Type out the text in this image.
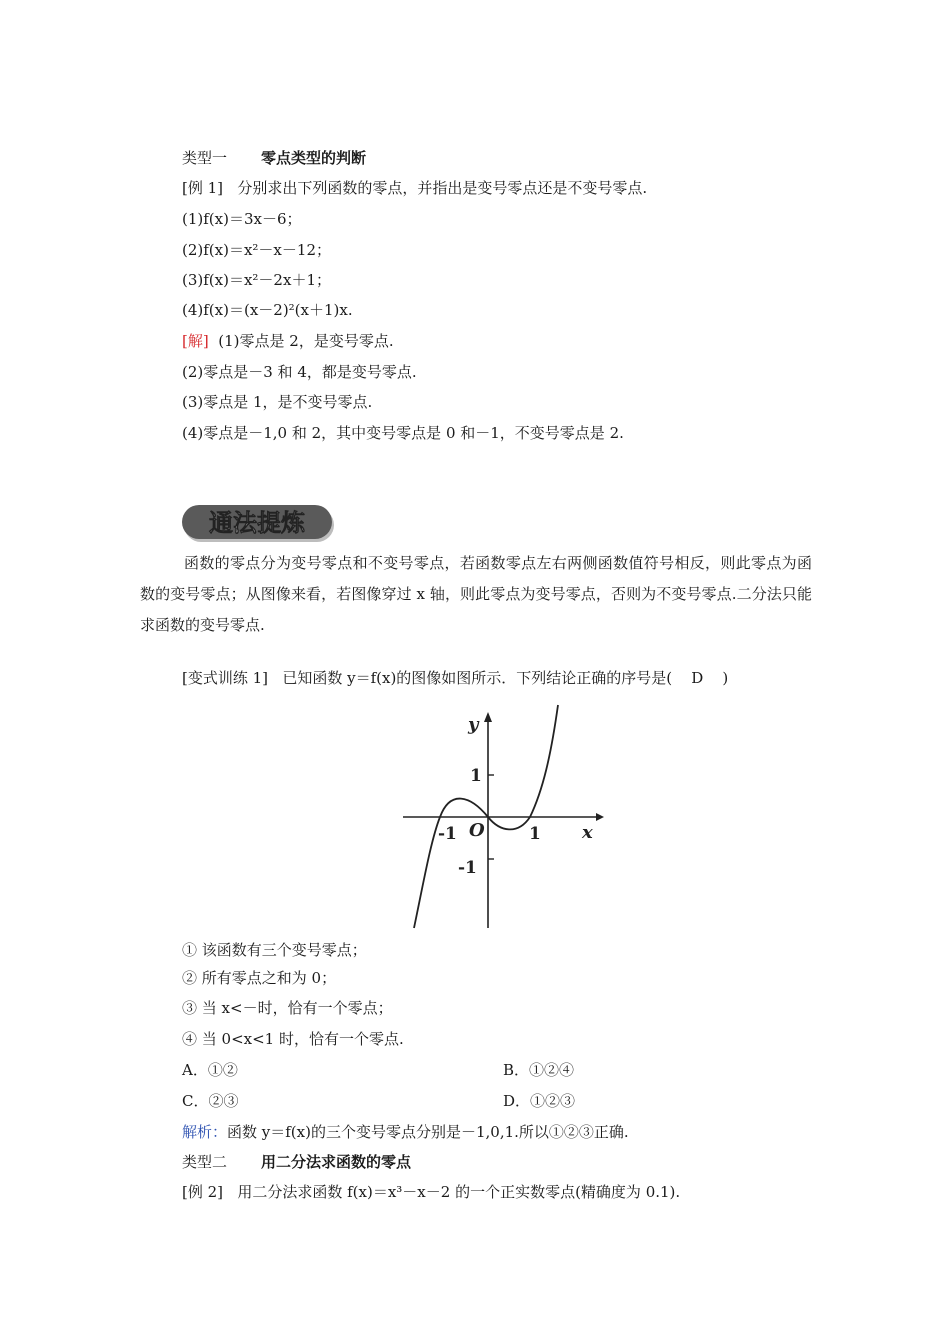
类型一 零点类型的判断
[例 1] 分别求出下列函数的零点，并指出是变号零点还是不变号零点.
(1)f(x)＝3x－6；
(2)f(x)＝x²－x－12；
(3)f(x)＝x²－2x＋1；
(4)f(x)＝(x－2)²(x＋1)x.
[解] (1)零点是 2，是变号零点.
(2)零点是－3 和 4，都是变号零点.
(3)零点是 1，是不变号零点.
(4)零点是－1,0 和 2，其中变号零点是 0 和－1，不变号零点是 2.
通法提炼
函数的零点分为变号零点和不变号零点，若函数零点左右两侧函数值符号相反，则此零点为函数的变号零点；从图像来看，若图像穿过 x 轴，则此零点为变号零点，否则为不变号零点.二分法只能求函数的变号零点.
[变式训练 1] 已知函数 y＝f(x)的图像如图所示．下列结论正确的序号是( D )
y
x
O
1
-1	1
-1
① 该函数有三个变号零点；
② 所有零点之和为 0；
③ 当 x<－时，恰有一个零点；
④ 当 0<x<1 时，恰有一个零点.
A．①②	B．①②④
C．②③	D．①②③
解析：函数 y＝f(x)的三个变号零点分别是－1,0,1.所以①②③正确.
类型二 用二分法求函数的零点
[例 2] 用二分法求函数 f(x)＝x³－x－2 的一个正实数零点(精确度为 0.1).
